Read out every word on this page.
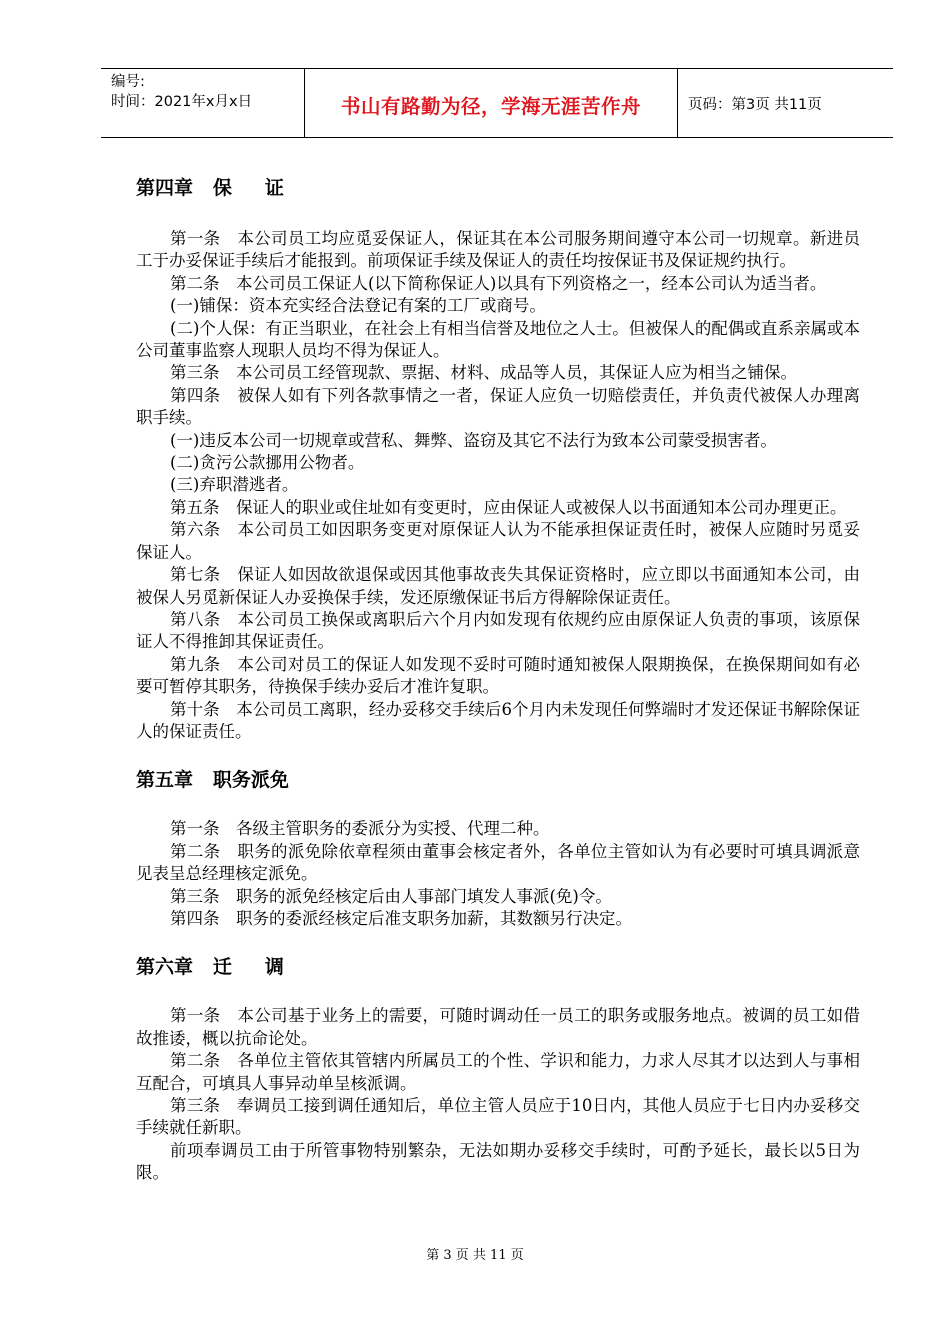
编号:
时间：2021年x月x日	书山有路勤为径，学海无涯苦作舟	页码：第3页 共11页
第四章   保     证

第一条　本公司员工均应觅妥保证人，保证其在本公司服务期间遵守本公司一切规章。新进员工于办妥保证手续后才能报到。前项保证手续及保证人的责任均按保证书及保证规约执行。

第二条　本公司员工保证人(以下简称保证人)以具有下列资格之一，经本公司认为适当者。

(一)铺保：资本充实经合法登记有案的工厂或商号。

(二)个人保：有正当职业，在社会上有相当信誉及地位之人士。但被保人的配偶或直系亲属或本公司董事监察人现职人员均不得为保证人。

第三条　本公司员工经管现款、票据、材料、成品等人员，其保证人应为相当之铺保。

第四条　被保人如有下列各款事情之一者，保证人应负一切赔偿责任，并负责代被保人办理离职手续。

(一)违反本公司一切规章或营私、舞弊、盗窃及其它不法行为致本公司蒙受损害者。

(二)贪污公款挪用公物者。

(三)弃职潜逃者。

第五条　保证人的职业或住址如有变更时，应由保证人或被保人以书面通知本公司办理更正。

第六条　本公司员工如因职务变更对原保证人认为不能承担保证责任时，被保人应随时另觅妥保证人。

第七条　保证人如因故欲退保或因其他事故丧失其保证资格时，应立即以书面通知本公司，由被保人另觅新保证人办妥换保手续，发还原缴保证书后方得解除保证责任。

第八条　本公司员工换保或离职后六个月内如发现有依规约应由原保证人负责的事项，该原保证人不得推卸其保证责任。

第九条　本公司对员工的保证人如发现不妥时可随时通知被保人限期换保，在换保期间如有必要可暂停其职务，待换保手续办妥后才准许复职。

第十条　本公司员工离职，经办妥移交手续后6个月内未发现任何弊端时才发还保证书解除保证人的保证责任。

第五章   职务派免

第一条　各级主管职务的委派分为实授、代理二种。

第二条　职务的派免除依章程须由董事会核定者外，各单位主管如认为有必要时可填具调派意见表呈总经理核定派免。

第三条　职务的派免经核定后由人事部门填发人事派(免)令。

第四条　职务的委派经核定后准支职务加薪，其数额另行决定。

第六章   迁     调

第一条　本公司基于业务上的需要，可随时调动任一员工的职务或服务地点。被调的员工如借故推诿，概以抗命论处。

第二条　各单位主管依其管辖内所属员工的个性、学识和能力，力求人尽其才以达到人与事相互配合，可填具人事异动单呈核派调。

第三条　奉调员工接到调任通知后，单位主管人员应于10日内，其他人员应于七日内办妥移交手续就任新职。

前项奉调员工由于所管事物特别繁杂，无法如期办妥移交手续时，可酌予延长，最长以5日为限。

第 3 页 共 11 页
